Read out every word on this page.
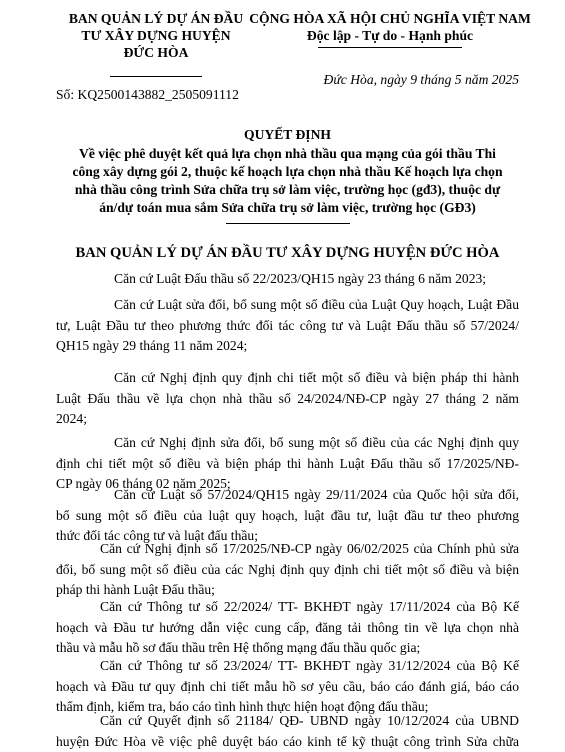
BAN QUẢN LÝ DỰ ÁN ĐẦU
TƯ XÂY DỰNG HUYỆN
ĐỨC HÒA
CỘNG HÒA XÃ HỘI CHỦ NGHĨA VIỆT NAM
Độc lập - Tự do - Hạnh phúc
Số: KQ2500143882_2505091112
Đức Hòa, ngày 9 tháng 5 năm 2025
QUYẾT ĐỊNH
Về việc phê duyệt kết quả lựa chọn nhà thầu qua mạng của gói thầu Thi
công xây dựng gói 2, thuộc kế hoạch lựa chọn nhà thầu Kế hoạch lựa chọn
nhà thầu công trình Sửa chữa trụ sở làm việc, trường học (gđ3), thuộc dự
án/dự toán mua sắm Sửa chữa trụ sở làm việc, trường học (GĐ3)
BAN QUẢN LÝ DỰ ÁN ĐẦU TƯ XÂY DỰNG HUYỆN ĐỨC HÒA
Căn cứ Luật Đấu thầu số 22/2023/QH15 ngày 23 tháng 6 năm 2023;
Căn cứ Luật sửa đổi, bổ sung một số điều của Luật Quy hoạch, Luật Đầu
tư, Luật Đầu tư theo phương thức đối tác công tư và Luật Đấu thầu số 57/2024/
QH15 ngày 29 tháng 11 năm 2024;
Căn cứ Nghị định quy định chi tiết một số điều và biện pháp thi hành
Luật Đấu thầu về lựa chọn nhà thầu số 24/2024/NĐ-CP ngày 27 tháng 2 năm
2024;
Căn cứ Nghị định sửa đổi, bổ sung một số điều của các Nghị định quy
định chi tiết một số điều và biện pháp thi hành Luật Đấu thầu số 17/2025/NĐ-
CP ngày 06 tháng 02 năm 2025;
Căn cứ Luật số 57/2024/QH15 ngày 29/11/2024 của Quốc hội sửa đổi,
bổ sung một số điều của luật quy hoạch, luật đầu tư, luật đầu tư theo phương
thức đối tác công tư và luật đấu thầu;
Căn cứ Nghị định số 17/2025/NĐ-CP ngày 06/02/2025 của Chính phủ sửa
đổi, bổ sung một số điều của các Nghị định quy định chi tiết một số điều và biện
pháp thi hành Luật Đấu thầu;
Căn cứ Thông tư số 22/2024/ TT- BKHĐT ngày 17/11/2024 của Bộ Kế
hoạch và Đầu tư hướng dẫn việc cung cấp, đăng tải thông tin về lựa chọn nhà
thầu và mẫu hồ sơ đấu thầu trên Hệ thống mạng đấu thầu quốc gia;
Căn cứ Thông tư số 23/2024/ TT- BKHĐT ngày 31/12/2024 của Bộ Kế
hoạch và Đầu tư quy định chi tiết mẫu hồ sơ yêu cầu, báo cáo đánh giá, báo cáo
thẩm định, kiểm tra, báo cáo tình hình thực hiện hoạt động đấu thầu;
Căn cứ Quyết định số 21184/ QĐ- UBND ngày 10/12/2024 của UBND
huyện Đức Hòa về việc phê duyệt báo cáo kinh tế kỹ thuật công trình Sửa chữa
